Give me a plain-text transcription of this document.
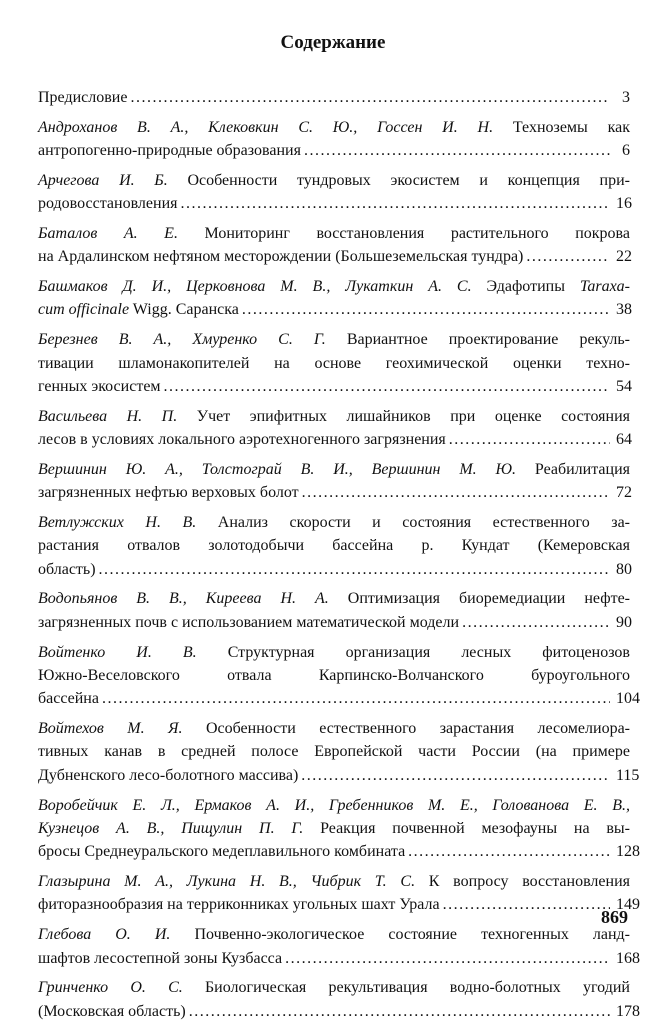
Содержание
Предисловие .....	3
Андроханов В. А., Клековкин С. Ю., Госсен И. Н. Техноземы как
антропогенно-природные образования .....	6
Арчегова И. Б. Особенности тундровых экосистем и концепция при-
родовосстановления .....	16
Баталов А. Е. Мониторинг восстановления растительного покрова
на Ардалинском нефтяном месторождении (Большеземельская тундра) .....	22
Башмаков Д. И., Церковнова М. В., Лукаткин А. С. Эдафотипы Taraxa-
cum officinale Wigg. Саранска .....	38
Березнев В. А., Хмуренко С. Г. Вариантное проектирование рекуль-
тивации шламонакопителей на основе геохимической оценки техно-
генных экосистем .....	54
Васильева Н. П. Учет эпифитных лишайников при оценке состояния
лесов в условиях локального аэротехногенного загрязнения .....	64
Вершинин Ю. А., Толстограй В. И., Вершинин М. Ю. Реабилитация
загрязненных нефтью верховых болот .....	72
Ветлужских Н. В. Анализ скорости и состояния естественного за-
растания отвалов золотодобычи бассейна р. Кундат (Кемеровская
область) .....	80
Водопьянов В. В., Киреева Н. А. Оптимизация биоремедиации нефте-
загрязненных почв с использованием математической модели .....	90
Войтенко И. В. Структурная организация лесных фитоценозов
Южно-Веселовского отвала Карпинско-Волчанского буроугольного
бассейна .....	104
Войтехов М. Я. Особенности естественного зарастания лесомелиора-
тивных канав в средней полосе Европейской части России (на примере
Дубненского лесо-болотного массива) .....	115
Воробейчик Е. Л., Ермаков А. И., Гребенников М. Е., Голованова Е. В.,
Кузнецов А. В., Пищулин П. Г. Реакция почвенной мезофауны на вы-
бросы Среднеуральского медеплавильного комбината .....	128
Глазырина М. А., Лукина Н. В., Чибрик Т. С. К вопросу восстановления
фиторазнообразия на терриконниках угольных шахт Урала .....	149
Глебова О. И. Почвенно-экологическое состояние техногенных ланд-
шафтов лесостепной зоны Кузбасса .....	168
Гринченко О. С. Биологическая рекультивация водно-болотных угодий
(Московская область) .....	178
869
